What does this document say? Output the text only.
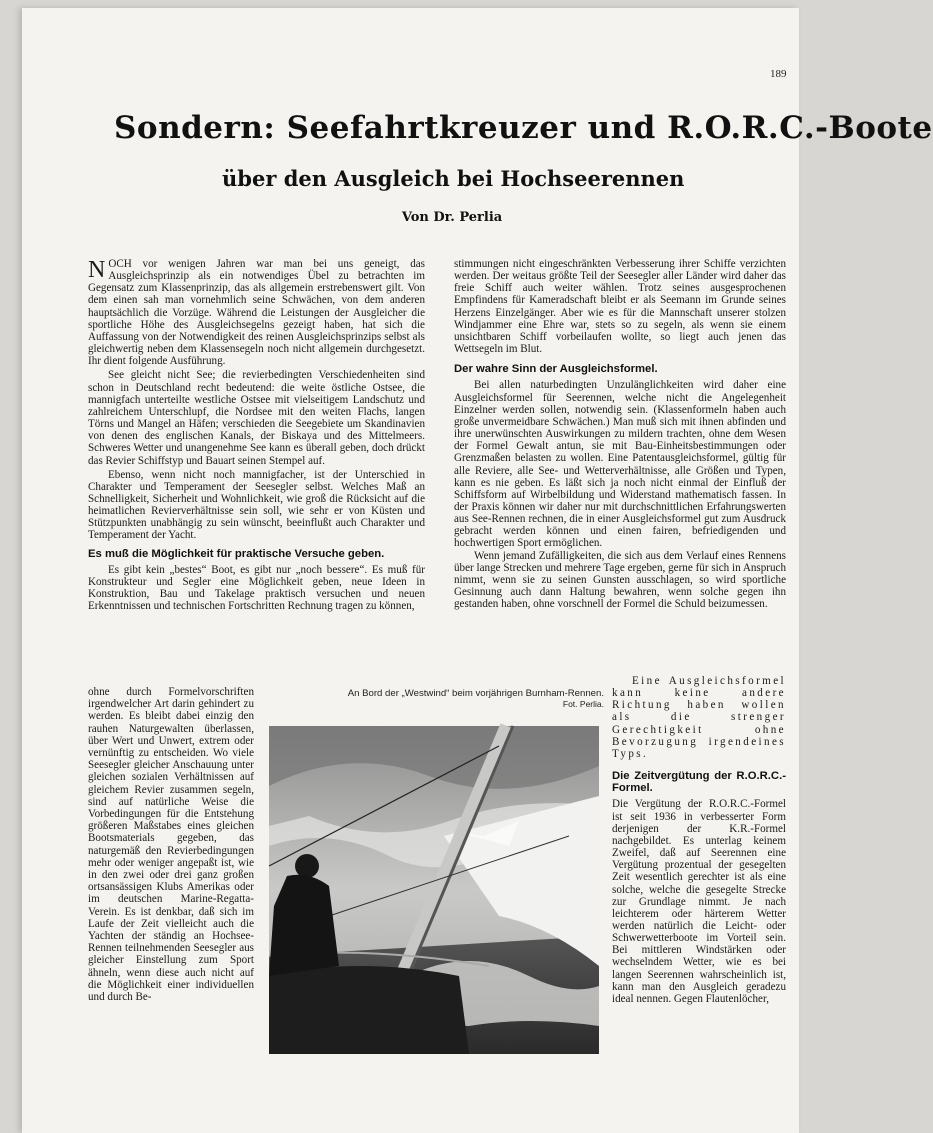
189
Sondern: Seefahrtkreuzer und R.O.R.C.-Boote
über den Ausgleich bei Hochseerennen
Von Dr. Perlia

NOCH vor wenigen Jahren war man bei uns geneigt, das Ausgleichsprinzip als ein notwendiges Übel zu betrachten im Gegensatz zum Klassenprinzip, das als allgemein erstrebenswert gilt. Von dem einen sah man vornehmlich seine Schwächen, von dem anderen hauptsächlich die Vorzüge. Während die Leistungen der Ausgleicher die sportliche Höhe des Ausgleichsegelns gezeigt haben, hat sich die Auffassung von der Notwendigkeit des reinen Ausgleichsprinzips selbst als gleichwertig neben dem Klassensegeln noch nicht allgemein durchgesetzt. Ihr dient folgende Ausführung.

See gleicht nicht See; die revierbedingten Verschiedenheiten sind schon in Deutschland recht bedeutend: die weite östliche Ostsee, die mannigfach unterteilte westliche Ostsee mit vielseitigem Landschutz und zahlreichem Unterschlupf, die Nordsee mit den weiten Flachs, langen Törns und Mangel an Häfen; verschieden die Seegebiete um Skandinavien von denen des englischen Kanals, der Biskaya und des Mittelmeers. Schweres Wetter und unangenehme See kann es überall geben, doch drückt das Revier Schiffstyp und Bauart seinen Stempel auf.

Ebenso, wenn nicht noch mannigfacher, ist der Unterschied in Charakter und Temperament der Seesegler selbst. Welches Maß an Schnelligkeit, Sicherheit und Wohnlichkeit, wie groß die Rücksicht auf die heimatlichen Revierverhältnisse sein soll, wie sehr er von Küsten und Stützpunkten unabhängig zu sein wünscht, beeinflußt auch Charakter und Temperament der Yacht.

Es muß die Möglichkeit für praktische Versuche geben.

Es gibt kein „bestes“ Boot, es gibt nur „noch bessere“. Es muß für Konstrukteur und Segler eine Möglichkeit geben, neue Ideen in Konstruktion, Bau und Takelage praktisch versuchen und neuen Erkenntnissen und technischen Fortschritten Rechnung tragen zu können,

ohne durch Formelvorschriften irgendwelcher Art darin gehindert zu werden. Es bleibt dabei einzig den rauhen Naturgewalten überlassen, über Wert und Unwert, extrem oder vernünftig zu entscheiden. Wo viele Seesegler gleicher Anschauung unter gleichen sozialen Verhältnissen auf gleichem Revier zusammen segeln, sind auf natürliche Weise die Vorbedingungen für die Entstehung größeren Maßstabes eines gleichen Bootsmaterials gegeben, das naturgemäß den Revierbedingungen mehr oder weniger angepaßt ist, wie in den zwei oder drei ganz großen ortsansässigen Klubs Amerikas oder im deutschen Marine-Regatta-Verein. Es ist denkbar, daß sich im Laufe der Zeit vielleicht auch die Yachten der ständig an Hochsee-Rennen teilnehmenden Seesegler aus gleicher Einstellung zum Sport ähneln, wenn diese auch nicht auf die Möglichkeit einer individuellen und durch Be-

stimmungen nicht eingeschränkten Verbesserung ihrer Schiffe verzichten werden. Der weitaus größte Teil der Seesegler aller Länder wird daher das freie Schiff auch weiter wählen. Trotz seines ausgesprochenen Empfindens für Kameradschaft bleibt er als Seemann im Grunde seines Herzens Einzelgänger. Aber wie es für die Mannschaft unserer stolzen Windjammer eine Ehre war, stets so zu segeln, als wenn sie einem unsichtbaren Schiff vorbeilaufen wollte, so liegt auch jenen das Wettsegeln im Blut.

Der wahre Sinn der Ausgleichsformel.

Bei allen naturbedingten Unzulänglichkeiten wird daher eine Ausgleichsformel für Seerennen, welche nicht die Angelegenheit Einzelner werden sollen, notwendig sein. (Klassenformeln haben auch große unvermeidbare Schwächen.) Man muß sich mit ihnen abfinden und ihre unerwünschten Auswirkungen zu mildern trachten, ohne dem Wesen der Formel Gewalt antun, sie mit Bau-Einheitsbestimmungen oder Grenzmaßen belasten zu wollen. Eine Patentausgleichsformel, gültig für alle Reviere, alle See- und Wetterverhältnisse, alle Größen und Typen, kann es nie geben. Es läßt sich ja noch nicht einmal der Einfluß der Schiffsform auf Wirbelbildung und Widerstand mathematisch fassen. In der Praxis können wir daher nur mit durchschnittlichen Erfahrungswerten aus See-Rennen rechnen, die in einer Ausgleichsformel gut zum Ausdruck gebracht werden können und einen fairen, befriedigenden und hochwertigen Sport ermöglichen.

Wenn jemand Zufälligkeiten, die sich aus dem Verlauf eines Rennens über lange Strecken und mehrere Tage ergeben, gerne für sich in Anspruch nimmt, wenn sie zu seinen Gunsten ausschlagen, so wird sportliche Gesinnung auch dann Haltung bewahren, wenn solche gegen ihn gestanden haben, ohne vorschnell der Formel die Schuld beizumessen.

Eine Ausgleichsformel kann keine andere Richtung haben wollen als die strenger Gerechtigkeit ohne Bevorzugung irgendeines Typs.

Die Zeitvergütung der R.O.R.C.-Formel.

Die Vergütung der R.O.R.C.-Formel ist seit 1936 in verbesserter Form derjenigen der K.R.-Formel nachgebildet. Es unterlag keinem Zweifel, daß auf Seerennen eine Vergütung prozentual der gesegelten Zeit wesentlich gerechter ist als eine solche, welche die gesegelte Strecke zur Grundlage nimmt. Je nach leichterem oder härterem Wetter werden natürlich die Leicht- oder Schwerwetterboote im Vorteil sein. Bei mittleren Windstärken oder wechselndem Wetter, wie es bei langen Seerennen wahrscheinlich ist, kann man den Ausgleich geradezu ideal nennen. Gegen Flautenlöcher,

An Bord der „Westwind“ beim vorjährigen Burnham-Rennen.
Fot. Perlia.
